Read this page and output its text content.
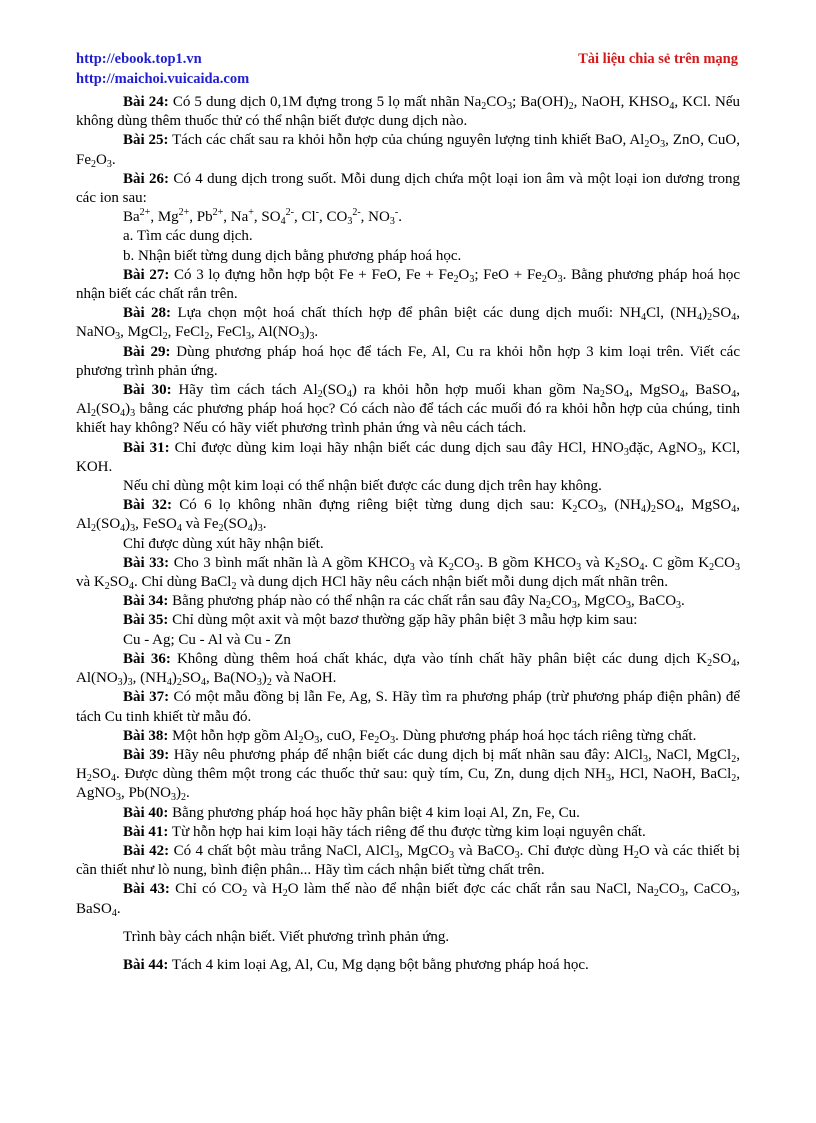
http://ebook.top1.vn
http://maichoi.vuicaida.com
Tài liệu chia sẻ trên mạng

Bài 24: Có 5 dung dịch 0,1M đựng trong 5 lọ mất nhãn $Na_2CO_3$; $Ba(OH)_2$, NaOH, $KHSO_4$, KCl. Nếu không dùng thêm thuốc thử có thể nhận biết được dung dịch nào.

Bài 25: Tách các chất sau ra khỏi hỗn hợp của chúng nguyên lượng tinh khiết BaO, $Al_2O_3$, ZnO, CuO, $Fe_2O_3$.

Bài 26: Có 4 dung dịch trong suốt. Mỗi dung dịch chứa một loại ion âm và một loại ion dương trong các ion sau:

$Ba^{2+}$, $Mg^{2+}$, $Pb^{2+}$, Na+, $SO_4^{2-}$, Cl-, $CO_3^{2-}$, $NO_3^-$.

a. Tìm các dung dịch.

b. Nhận biết từng dung dịch bằng phương pháp hoá học.

Bài 27: Có 3 lọ đựng hỗn hợp bột Fe + FeO, $Fe + Fe_2O_3$; FeO + $Fe_2O_3$. Bằng phương pháp hoá học nhận biết các chất rắn trên.

Bài 28: Lựa chọn một hoá chất thích hợp để phân biệt các dung dịch muối: $NH_4Cl$, $(NH_4)_2SO_4$, NaNO$_3$, MgCl$_2$, FeCl$_2$, FeCl$_3$, $Al(NO_3)_3$.

Bài 29: Dùng phương pháp hoá học để tách Fe, Al, Cu ra khỏi hỗn hợp 3 kim loại trên. Viết các phương trình phản ứng.

Bài 30: Hãy tìm cách tách $Al_2(SO_4)$ ra khỏi hỗn hợp muối khan gồm $Na_2SO_4$, MgSO$_4$, BaSO$_4$, $Al_2(SO_4)_3$ bằng các phương pháp hoá học? Có cách nào để tách các muối đó ra khỏi hỗn hợp của chúng, tinh khiết hay không? Nếu có hãy viết phương trình phản ứng và nêu cách tách.

Bài 31: Chỉ được dùng kim loại hãy nhận biết các dung dịch sau đây HCl, $HNO_3đặc$, AgNO$_3$, KCl, KOH.

Nếu chỉ dùng một kim loại có thể nhận biết được các dung dịch trên hay không.

Bài 32: Có 6 lọ không nhãn đựng riêng biệt từng dung dịch sau: $K_2CO_3$, $(NH_4)_2SO_4$, MgSO$_4$, $Al_2(SO_4)_3$, FeSO$_4$ và $Fe_2(SO_4)_3$.

Chỉ được dùng xút hãy nhận biết.

Bài 33: Cho 3 bình mất nhãn là A gồm $KHCO_3$ và $K_2CO_3$. B gồm $KHCO_3$ và $K_2SO_4$. C gồm $K_2CO_3$ và $K_2SO_4$. Chỉ dùng BaCl$_2$ và dung dịch HCl hãy nêu cách nhận biết mỗi dung dịch mất nhãn trên.

Bài 34: Bằng phương pháp nào có thể nhận ra các chất rắn sau đây $Na_2CO_3$, MgCO$_3$, BaCO$_3$.

Bài 35: Chỉ dùng một axit và một bazơ thường gặp hãy phân biệt 3 mẫu hợp kim sau:

Cu - Ag; Cu - Al và Cu - Zn

Bài 36: Không dùng thêm hoá chất khác, dựa vào tính chất hãy phân biệt các dung dịch $K_2SO_4$, $Al(NO_3)_3$, $(NH_4)_2SO_4$, $Ba(NO_3)_2$ và NaOH.

Bài 37: Có một mẫu đồng bị lẫn Fe, Ag, S. Hãy tìm ra phương pháp (trừ phương pháp điện phân) để tách Cu tinh khiết từ mẫu đó.

Bài 38: Một hỗn hợp gồm $Al_2O_3$, cuO, $Fe_2O_3$. Dùng phương pháp hoá học tách riêng từng chất.

Bài 39: Hãy nêu phương pháp để nhận biết các dung dịch bị mất nhãn sau đây: AlCl$_3$, NaCl, MgCl$_2$, $H_2SO_4$. Được dùng thêm một trong các thuốc thử sau: quỳ tím, Cu, Zn, dung dịch $NH_3$, HCl, NaOH, BaCl$_2$, AgNO$_3$, $Pb(NO_3)_2$.

Bài 40: Bằng phương pháp hoá học hãy phân biệt 4 kim loại Al, Zn, Fe, Cu.

Bài 41: Từ hỗn hợp hai kim loại hãy tách riêng để thu được từng kim loại nguyên chất.

Bài 42: Có 4 chất bột màu trắng NaCl, AlCl$_3$, MgCO$_3$ và BaCO$_3$. Chỉ được dùng $H_2O$ và các thiết bị cần thiết như lò nung, bình điện phân... Hãy tìm cách nhận biết từng chất trên.

Bài 43: Chỉ có $CO_2$ và $H_2O$ làm thế nào để nhận biết đợc các chất rắn sau NaCl, $Na_2CO_3$, CaCO$_3$, BaSO$_4$.

Trình bày cách nhận biết. Viết phương trình phản ứng.

Bài 44: Tách 4 kim loại Ag, Al, Cu, Mg dạng bột bằng phương pháp hoá học.
